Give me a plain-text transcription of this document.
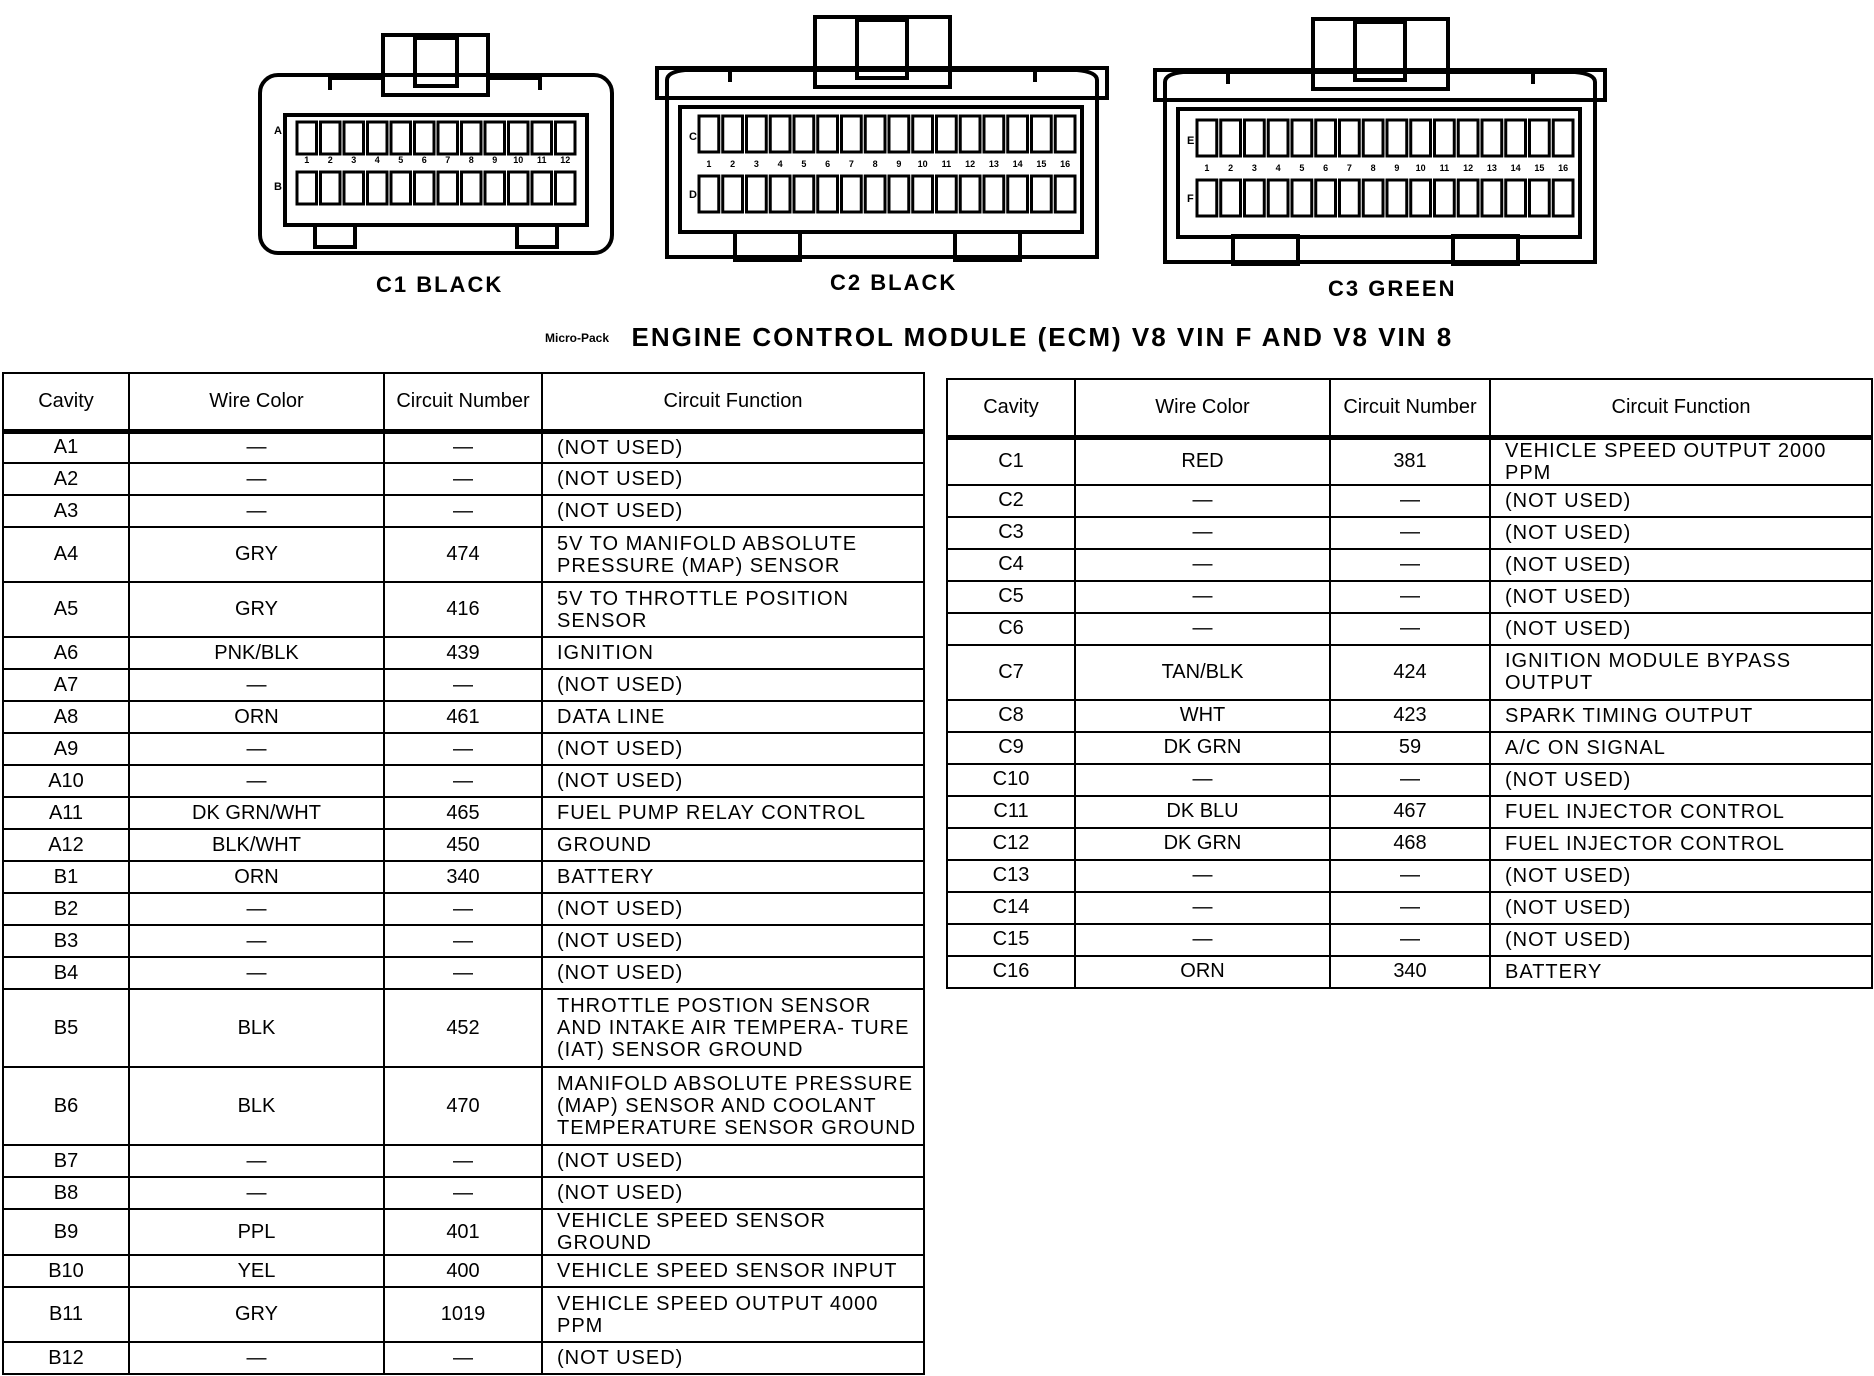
1 2 3 4 5 6 7 8 9 10 11 12
A
B
C1 BLACK
1 2 3 4 5 6 7 8 9 10 11 12 13 14 15 16
C
D
C2 BLACK
1 2 3 4 5 6 7 8 9 10 11 12 13 14 15 16
E
F
C3 GREEN
Micro-Pack ENGINE CONTROL MODULE (ECM) V8 VIN F AND V8 VIN 8
Cavity	Wire Color	Circuit Number	Circuit Function
A1	—	—	(NOT USED)
A2	—	—	(NOT USED)
A3	—	—	(NOT USED)
A4	GRY	474	5V TO MANIFOLD ABSOLUTE PRESSURE (MAP) SENSOR
A5	GRY	416	5V TO THROTTLE POSITION SENSOR
A6	PNK/BLK	439	IGNITION
A7	—	—	(NOT USED)
A8	ORN	461	DATA LINE
A9	—	—	(NOT USED)
A10	—	—	(NOT USED)
A11	DK GRN/WHT	465	FUEL PUMP RELAY CONTROL
A12	BLK/WHT	450	GROUND
B1	ORN	340	BATTERY
B2	—	—	(NOT USED)
B3	—	—	(NOT USED)
B4	—	—	(NOT USED)
B5	BLK	452	THROTTLE POSTION SENSOR AND INTAKE AIR TEMPERA- TURE (IAT) SENSOR GROUND
B6	BLK	470	MANIFOLD ABSOLUTE PRESSURE (MAP) SENSOR AND COOLANT TEMPERATURE SENSOR GROUND
B7	—	—	(NOT USED)
B8	—	—	(NOT USED)
B9	PPL	401	VEHICLE SPEED SENSOR GROUND
B10	YEL	400	VEHICLE SPEED SENSOR INPUT
B11	GRY	1019	VEHICLE SPEED OUTPUT 4000 PPM
B12	—	—	(NOT USED)
Cavity	Wire Color	Circuit Number	Circuit Function
C1	RED	381	VEHICLE SPEED OUTPUT 2000 PPM
C2	—	—	(NOT USED)
C3	—	—	(NOT USED)
C4	—	—	(NOT USED)
C5	—	—	(NOT USED)
C6	—	—	(NOT USED)
C7	TAN/BLK	424	IGNITION MODULE BYPASS OUTPUT
C8	WHT	423	SPARK TIMING OUTPUT
C9	DK GRN	59	A/C ON SIGNAL
C10	—	—	(NOT USED)
C11	DK BLU	467	FUEL INJECTOR CONTROL
C12	DK GRN	468	FUEL INJECTOR CONTROL
C13	—	—	(NOT USED)
C14	—	—	(NOT USED)
C15	—	—	(NOT USED)
C16	ORN	340	BATTERY
